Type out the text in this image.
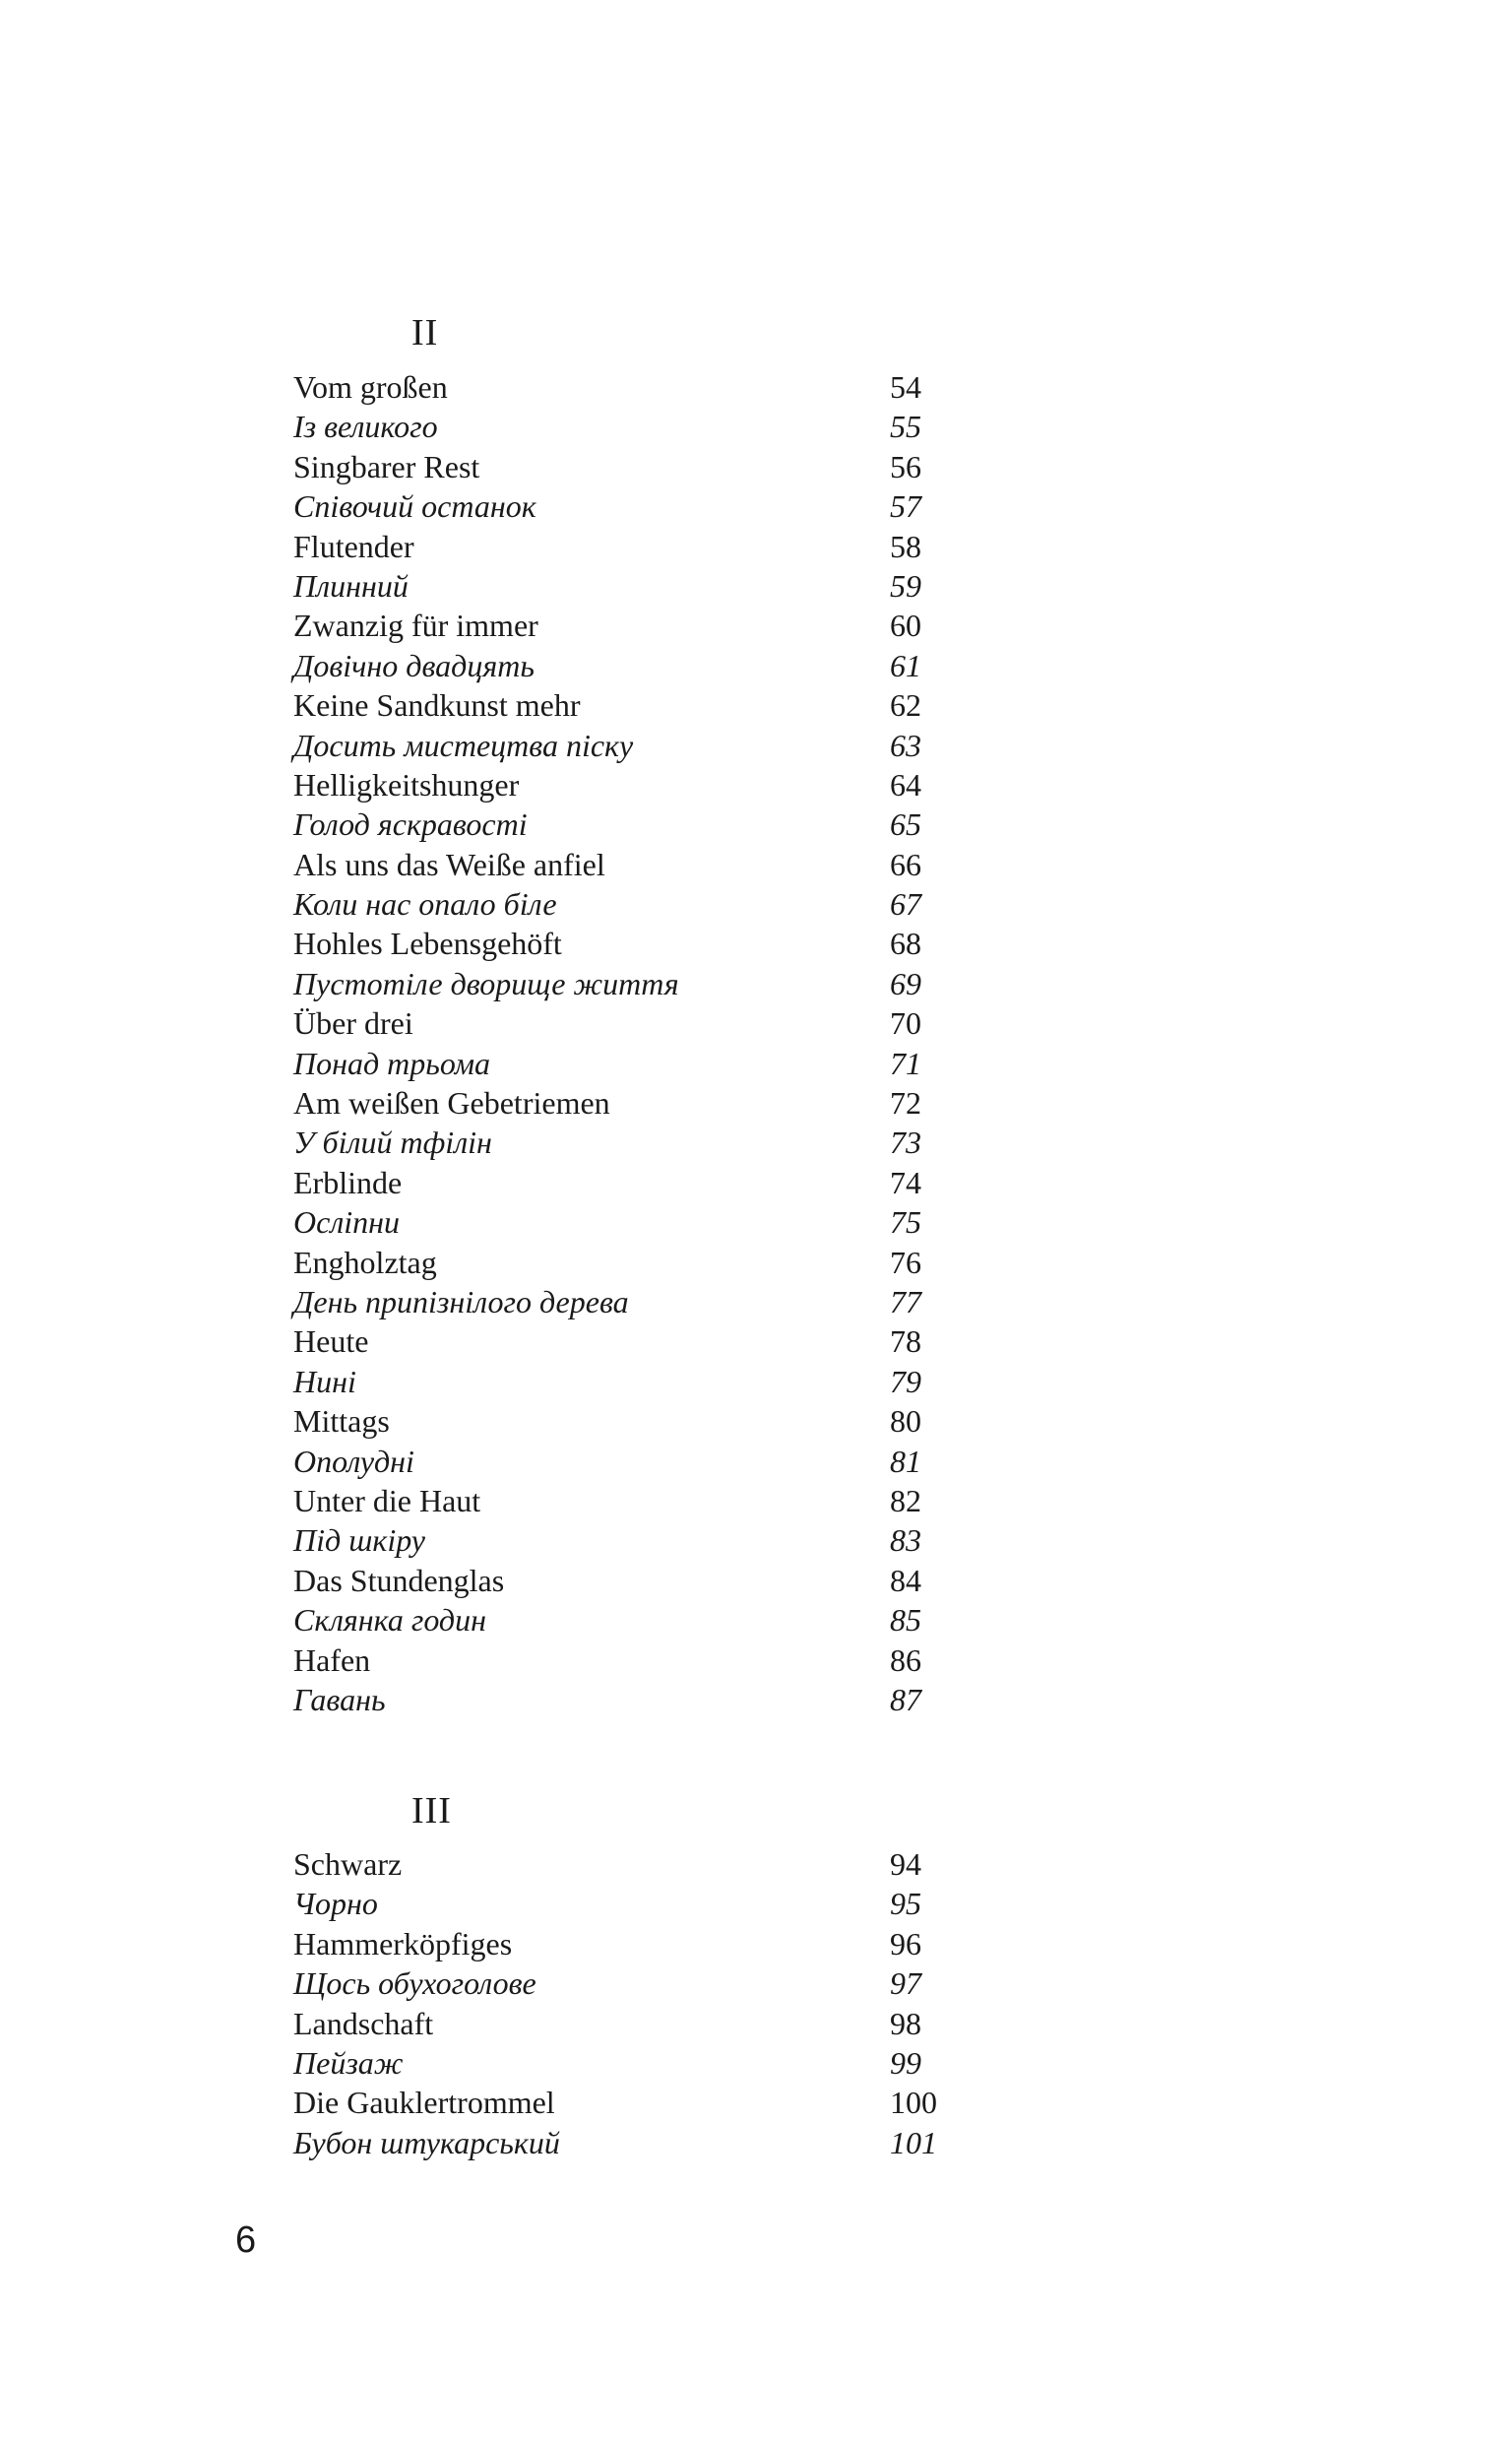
II
Vom großen	54
Із великого	55
Singbarer Rest	56
Співочий останок	57
Flutender	58
Плинний	59
Zwanzig für immer	60
Довічно двадцять	61
Keine Sandkunst mehr	62
Досить мистецтва піску	63
Helligkeitshunger	64
Голод яскравості	65
Als uns das Weiße anfiel	66
Коли нас опало біле	67
Hohles Lebensgehöft	68
Пустотіле дворище життя	69
Über drei	70
Понад трьома	71
Am weißen Gebetriemen	72
У білий тфілін	73
Erblinde	74
Осліпни	75
Engholztag	76
День припізнілого дерева	77
Heute	78
Нині	79
Mittags	80
Ополудні	81
Unter die Haut	82
Під шкіру	83
Das Stundenglas	84
Склянка годин	85
Hafen	86
Гавань	87
III
Schwarz	94
Чорно	95
Hammerköpfiges	96
Щось обухоголове	97
Landschaft	98
Пейзаж	99
Die Gauklertrommel	100
Бубон штукарський	101
6
